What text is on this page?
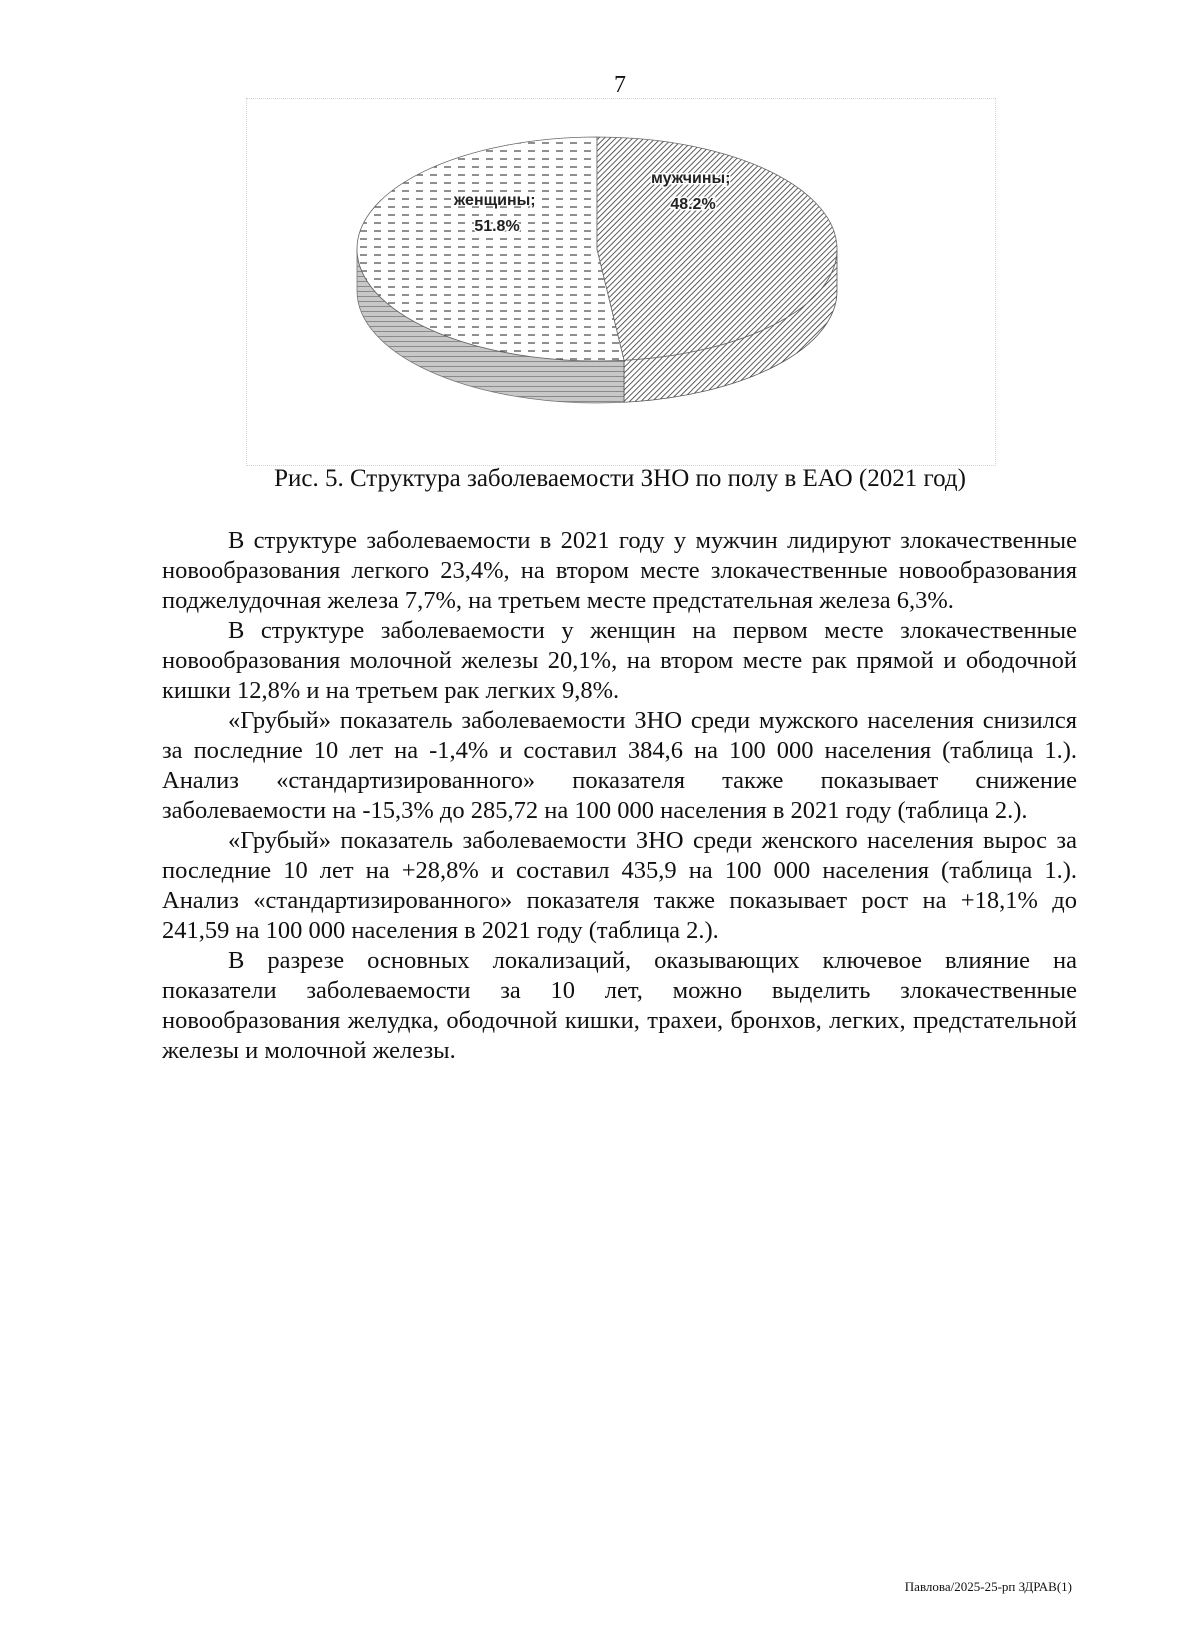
7
женщины; 51.8%
мужчины; 48.2%
Рис. 5. Структура заболеваемости ЗНО по полу в ЕАО (2021 год)

В структуре заболеваемости в 2021 году у мужчин лидируют злокачественные новообразования легкого 23,4%, на втором месте злокачественные новообразования поджелудочная железа 7,7%, на третьем месте предстательная железа 6,3%.

В структуре заболеваемости у женщин на первом месте злокачественные новообразования молочной железы 20,1%, на втором месте рак прямой и ободочной кишки 12,8% и на третьем рак легких 9,8%.

«Грубый» показатель заболеваемости ЗНО среди мужского населения снизился за последние 10 лет на -1,4% и составил 384,6 на 100 000 населения (таблица 1.). Анализ «стандартизированного» показателя также показывает снижение заболеваемости на -15,3% до 285,72 на 100 000 населения в 2021 году (таблица 2.).

«Грубый» показатель заболеваемости ЗНО среди женского населения вырос за последние 10 лет на +28,8% и составил 435,9 на 100 000 населения (таблица 1.). Анализ «стандартизированного» показателя также показывает рост на +18,1% до 241,59 на 100 000 населения в 2021 году (таблица 2.).

В разрезе основных локализаций, оказывающих ключевое влияние на показатели заболеваемости за 10 лет, можно выделить злокачественные новообразования желудка, ободочной кишки, трахеи, бронхов, легких, предстательной железы и молочной железы.

Павлова/2025-25-рп ЗДРАВ(1)
